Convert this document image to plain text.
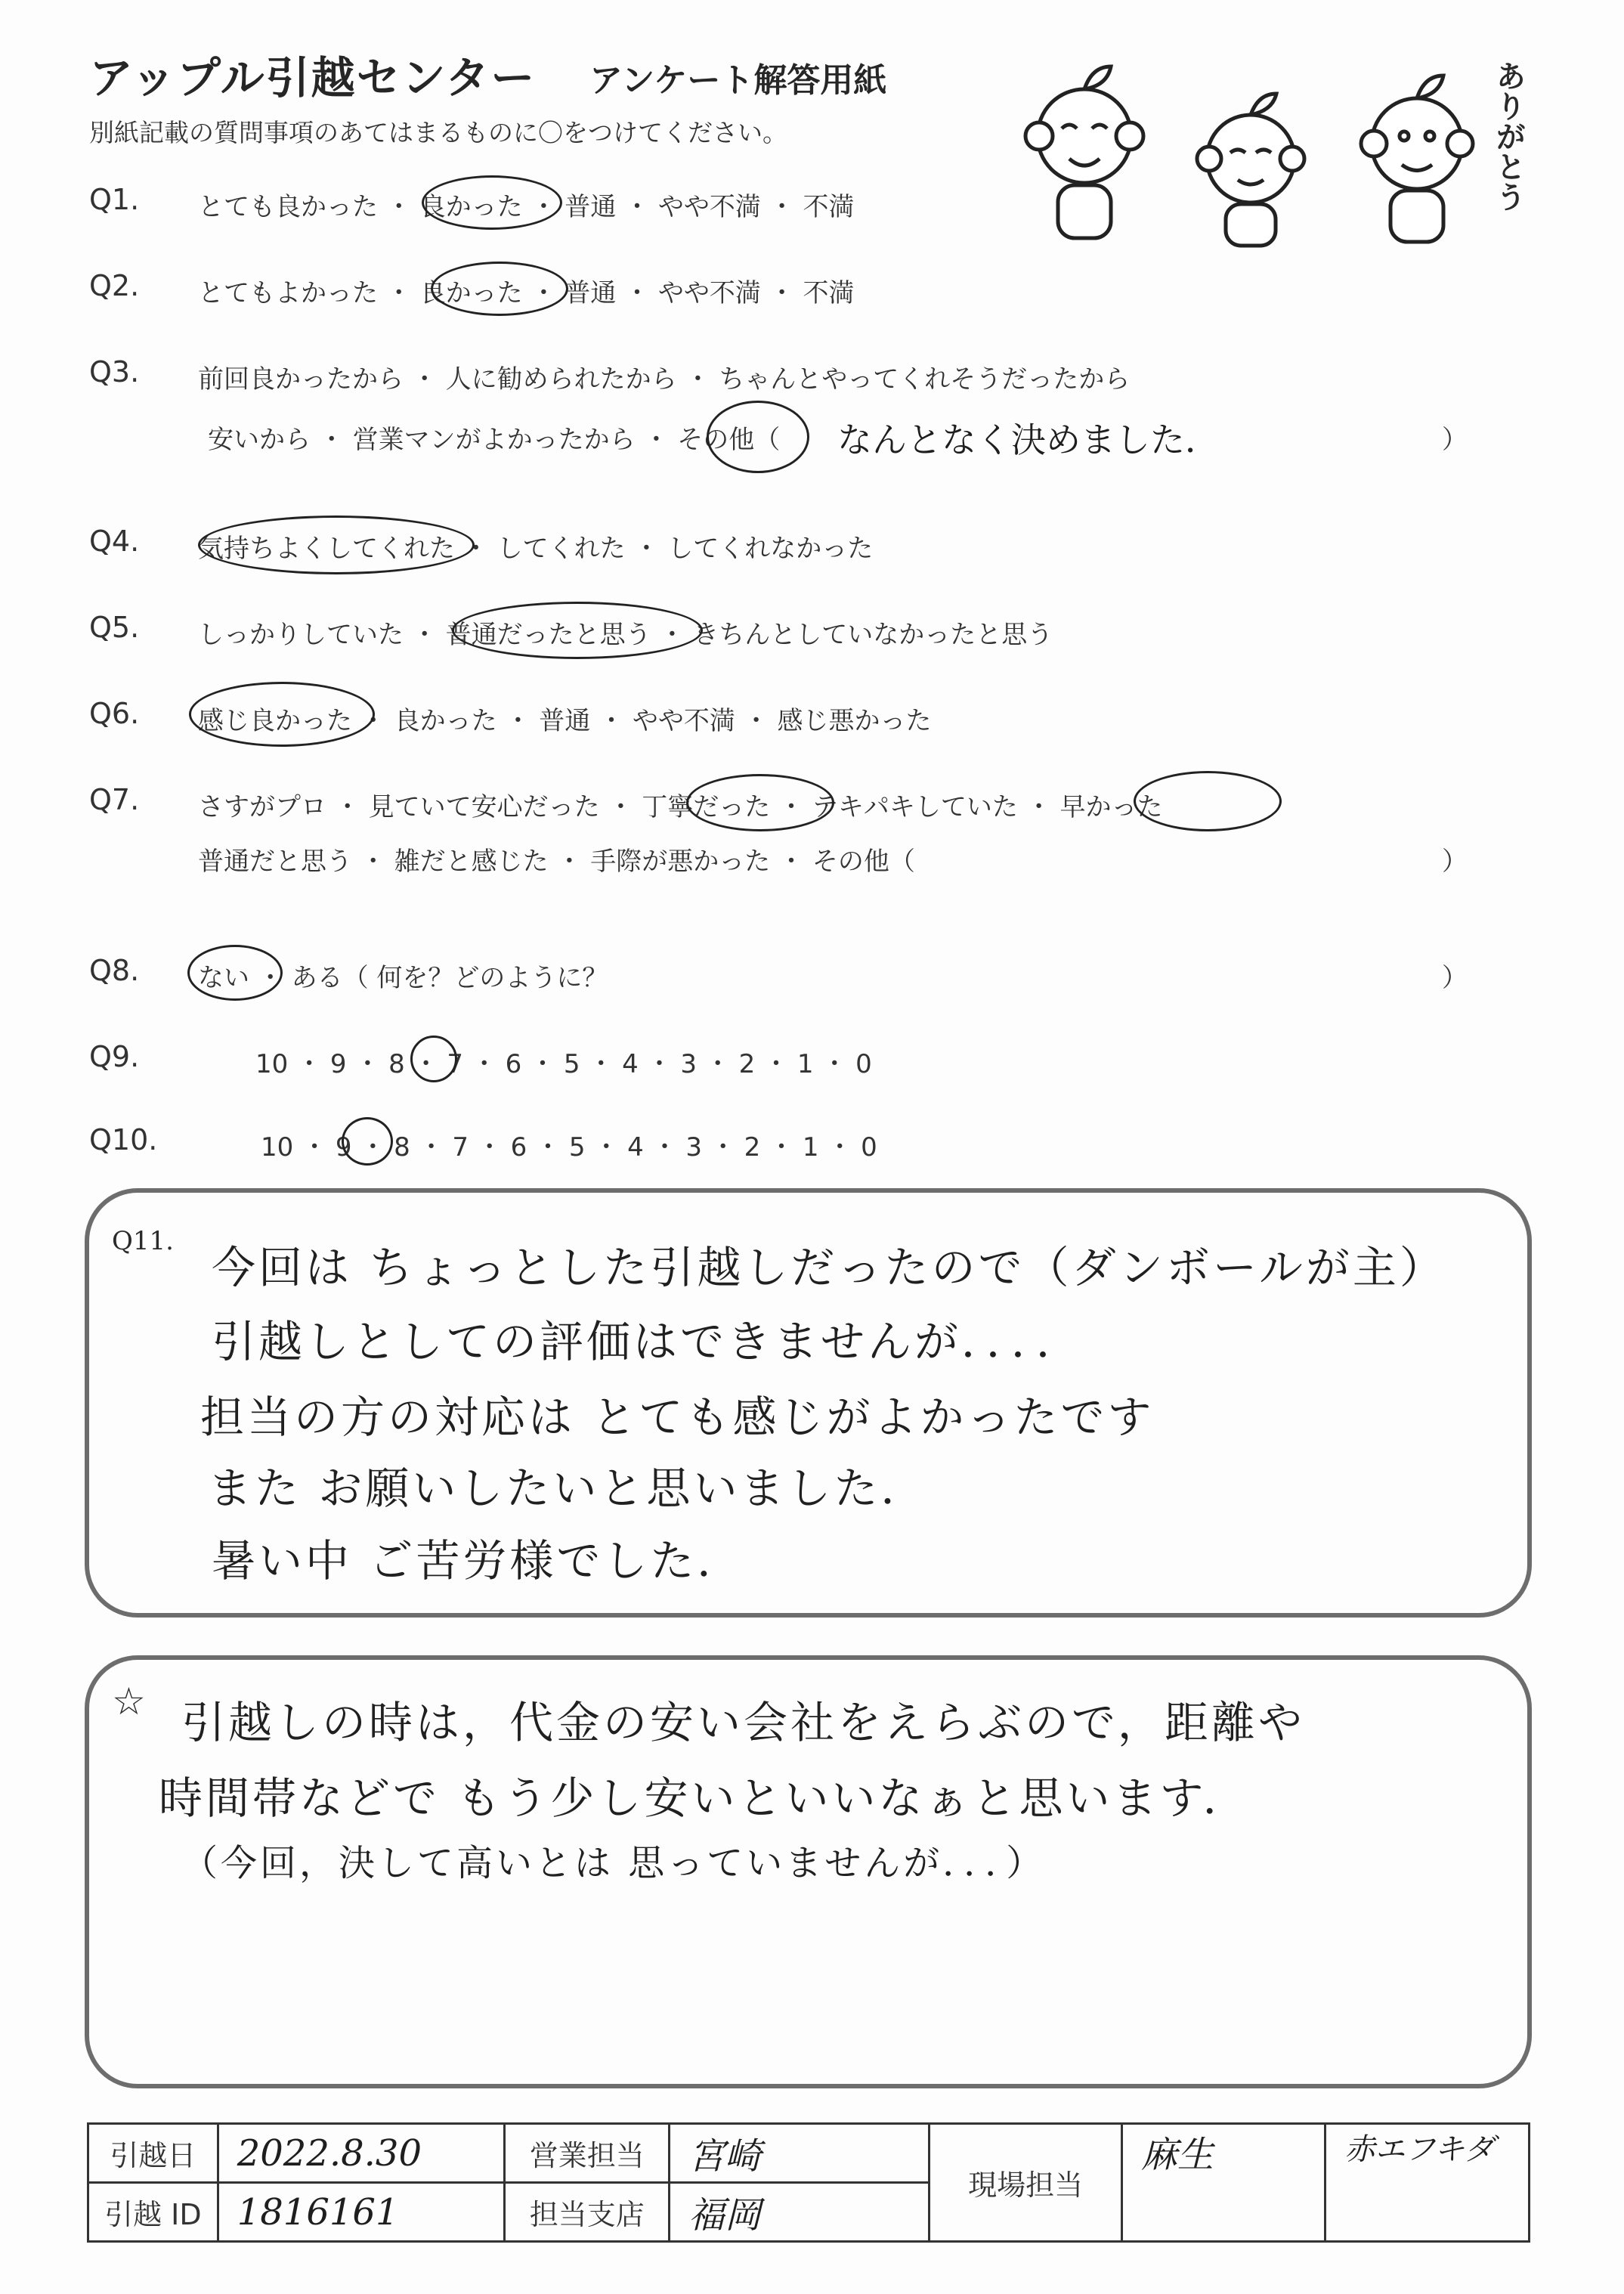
アップル引越センター アンケート解答用紙
別紙記載の質問事項のあてはまるものに〇をつけてください。	ありがとう
Q1. とても良かった ・ 良かった ・ 普通 ・ やや不満 ・ 不満
Q2. とてもよかった ・ 良かった ・ 普通 ・ やや不満 ・ 不満
Q3. 前回良かったから ・ 人に勧められたから ・ ちゃんとやってくれそうだったから
安いから ・ 営業マンがよかったから ・ その他（ なんとなく決めました．	）
Q4. 気持ちよくしてくれた ・ してくれた ・ してくれなかった
Q5. しっかりしていた ・ 普通だったと思う ・ きちんとしていなかったと思う
Q6. 感じ良かった ・ 良かった ・ 普通 ・ やや不満 ・ 感じ悪かった
Q7. さすがプロ ・ 見ていて安心だった ・ 丁寧だった ・ テキパキしていた ・ 早かった
普通だと思う ・ 雑だと感じた ・ 手際が悪かった ・ その他（	）
Q8. ない ・ ある（ 何を？どのように？	）
Q9.	10 ・ 9 ・ 8 ・ 7 ・ 6 ・ 5 ・ 4 ・ 3 ・ 2 ・ 1 ・ 0
Q10.	10 ・ 9 ・ 8 ・ 7 ・ 6 ・ 5 ・ 4 ・ 3 ・ 2 ・ 1 ・ 0
Q11.
今回は ちょっとした引越しだったので（ダンボールが主）
引越しとしての評価はできませんが．．．．
担当の方の対応は とても感じがよかったです
また お願いしたいと思いました．
暑い中 ご苦労様でした．
☆ 引越しの時は，代金の安い会社をえらぶので，距離や
時間帯などで もう少し安いといいなぁと思います．
（今回，決して高いとは 思っていませんが．．．）
引越日	2022.8.30	営業担当	宮崎	現場担当	麻生	赤エフキダ
引越 ID	1816161	担当支店	福岡			
